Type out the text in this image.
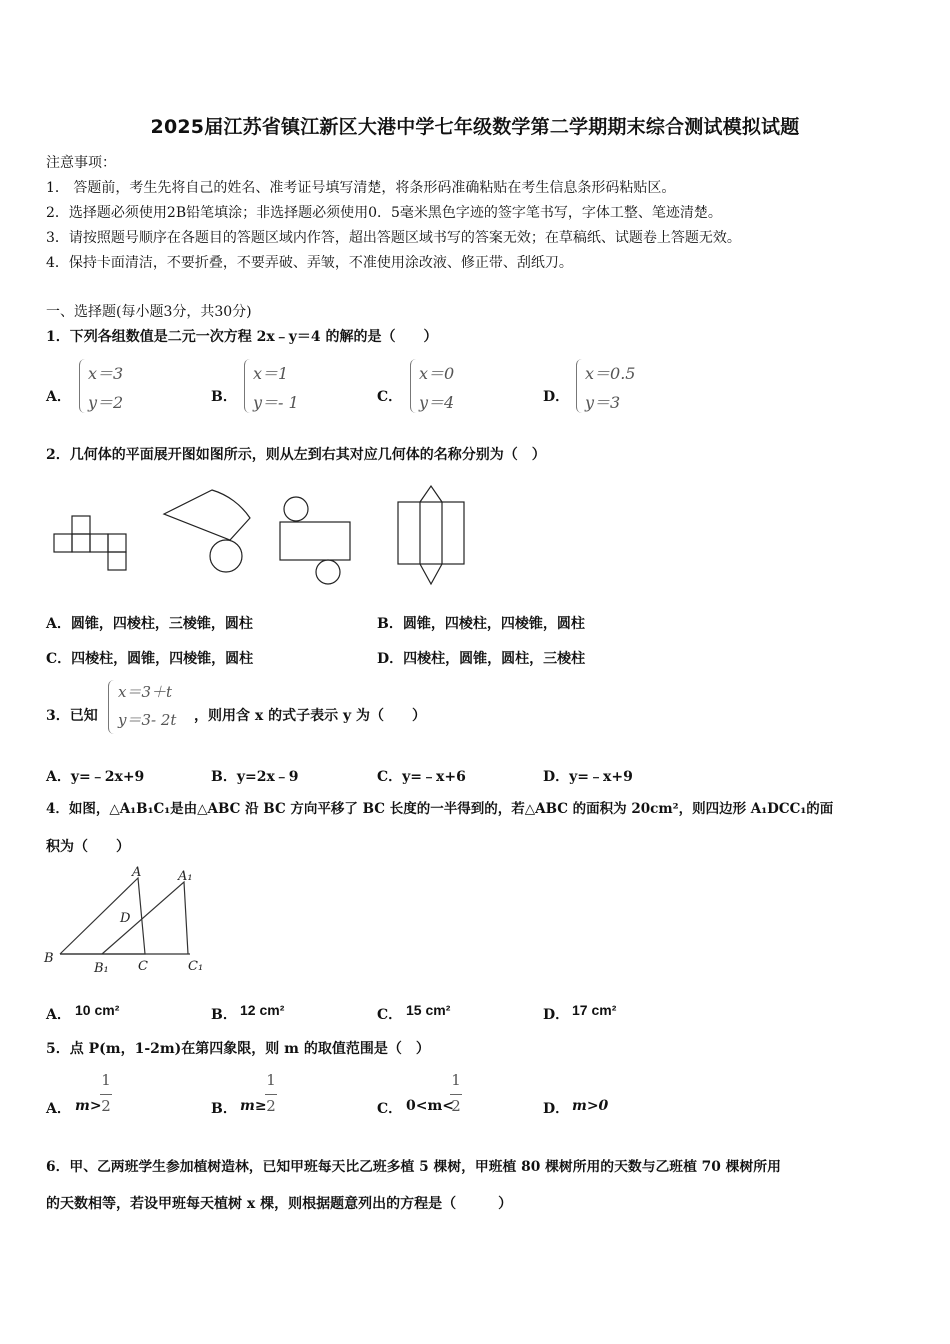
2025届江苏省镇江新区大港中学七年级数学第二学期期末综合测试模拟试题
注意事项：
1． 答题前，考生先将自己的姓名、准考证号填写清楚，将条形码准确粘贴在考生信息条形码粘贴区。
2．选择题必须使用2B铅笔填涂；非选择题必须使用0．5毫米黑色字迹的签字笔书写，字体工整、笔迹清楚。
3．请按照题号顺序在各题目的答题区域内作答，超出答题区域书写的答案无效；在草稿纸、试题卷上答题无效。
4．保持卡面清洁，不要折叠，不要弄破、弄皱，不准使用涂改液、修正带、刮纸刀。
一、选择题(每小题3分，共30分)
1．下列各组数值是二元一次方程 2x﹣y＝4 的解的是（　　）
A．
x＝3
y＝2	B．
x＝1
y＝- 1	C．
x＝0
y＝4	D．
x＝0.5
y＝3
2．几何体的平面展开图如图所示，则从左到右其对应几何体的名称分别为（　）
A．圆锥，四棱柱，三棱锥，圆柱	B．圆锥，四棱柱，四棱锥，圆柱
C．四棱柱，圆锥，四棱锥，圆柱	D．四棱柱，圆锥，圆柱，三棱柱
3．已知
x＝3＋t
y＝3- 2t ，则用含 x 的式子表示 y 为（　　）
A．y=﹣2x+9	B．y=2x﹣9	C．y=﹣x+6	D．y=﹣x+9
4．如图，△A₁B₁C₁是由△ABC 沿 BC 方向平移了 BC 长度的一半得到的，若△ABC 的面积为 20cm²，则四边形 A₁DCC₁的面
积为（　　）
A	A₁
D
B
B₁ C	C₁
A． 10 cm²	B． 12 cm²	C． 15 cm²	D． 17 cm²
5．点 P(m，1-2m)在第四象限，则 m 的取值范围是（　）
A． m>
1
2	B． m≥
1
2	C． 0<m<
1
2	D． m>0
6．甲、乙两班学生参加植树造林，已知甲班每天比乙班多植 5 棵树，甲班植 80 棵树所用的天数与乙班植 70 棵树所用
的天数相等，若设甲班每天植树 x 棵，则根据题意列出的方程是（　　　）
